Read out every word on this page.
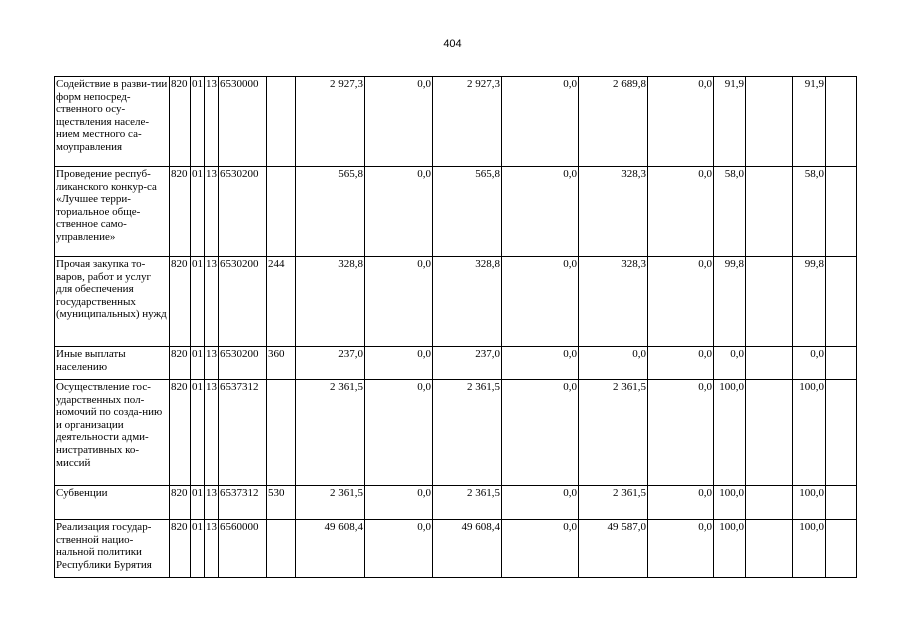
404
Содействие в разви-тии форм непосред-ственного осу-ществления населе-нием местного са-моуправления	820	01	13	6530000		2 927,3	0,0	2 927,3	0,0	2 689,8	0,0	91,9		91,9	
Проведение респуб-ликанского конкур-са «Лучшее терри-ториальное обще-ственное само-управление»	820	01	13	6530200		565,8	0,0	565,8	0,0	328,3	0,0	58,0		58,0	
Прочая закупка то-варов, работ и услуг для обеспечения государственных (муниципальных) нужд	820	01	13	6530200	244	328,8	0,0	328,8	0,0	328,3	0,0	99,8		99,8	
Иные выплаты населению	820	01	13	6530200	360	237,0	0,0	237,0	0,0	0,0	0,0	0,0		0,0	
Осуществление гос-ударственных пол-номочий по созда-нию и организации деятельности адми-нистративных ко-миссий	820	01	13	6537312		2 361,5	0,0	2 361,5	0,0	2 361,5	0,0	100,0		100,0	
Субвенции	820	01	13	6537312	530	2 361,5	0,0	2 361,5	0,0	2 361,5	0,0	100,0		100,0	
Реализация государ-ственной нацио-нальной политики Республики Бурятия	820	01	13	6560000		49 608,4	0,0	49 608,4	0,0	49 587,0	0,0	100,0		100,0	
